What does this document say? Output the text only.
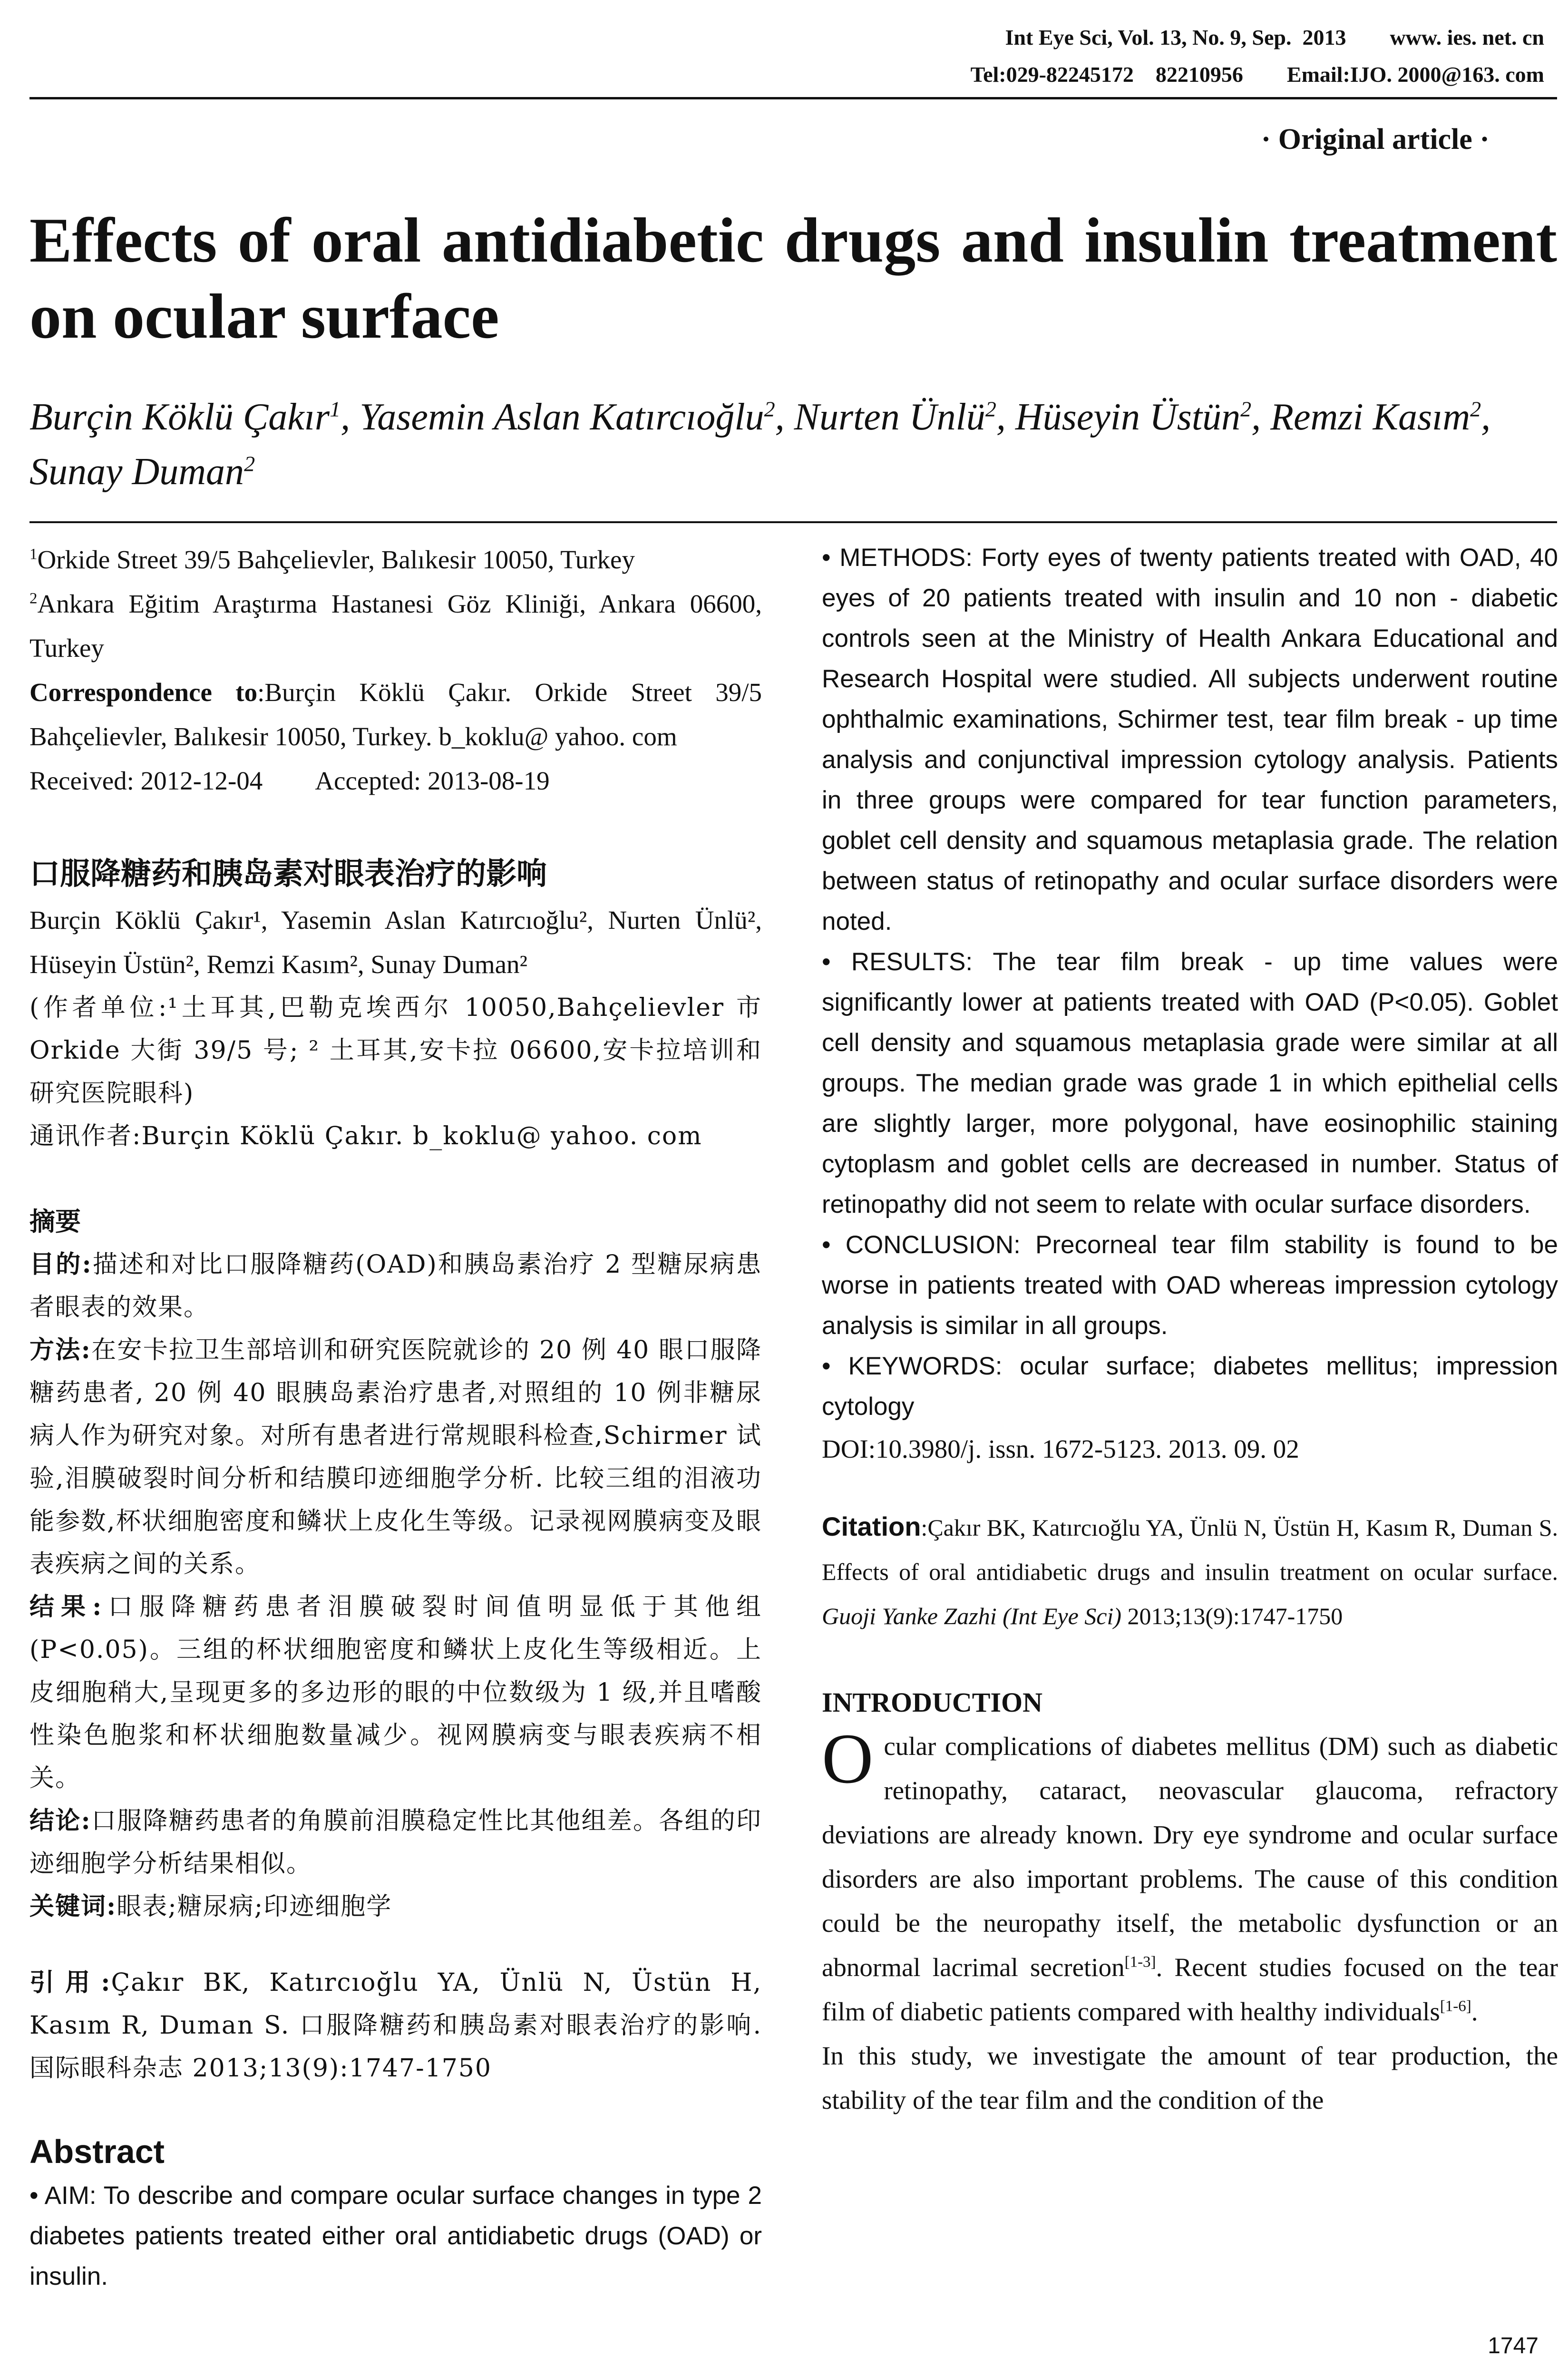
Int Eye Sci, Vol. 13, No. 9, Sep.  2013        www. ies. net. cn
Tel:029-82245172    82210956        Email:IJO. 2000@163. com
· Original article ·
Effects of oral antidiabetic drugs and insulin treatment on ocular surface
Burçin Köklü Çakır$^1$, Yasemin Aslan Katırcıoğlu$^2$, Nurten Ünlü$^2$, Hüseyin Üstün$^2$, Remzi Kasım$^2$, Sunay Duman$^2$

$^1$Orkide Street 39/5 Bahçelievler, Balıkesir 10050, Turkey

$^2$Ankara Eğitim Araştırma Hastanesi Göz Kliniği, Ankara 06600, Turkey

Correspondence to:Burçin Köklü Çakır. Orkide Street 39/5 Bahçelievler, Balıkesir 10050, Turkey. b_koklu@ yahoo. com

Received: 2012-12-04 Accepted: 2013-08-19

口服降糖药和胰岛素对眼表治疗的影响

Burçin Köklü Çakır¹, Yasemin Aslan Katırcıoğlu², Nurten Ünlü², Hüseyin Üstün², Remzi Kasım², Sunay Duman²

(作者单位:¹土耳其,巴勒克埃西尔 10050,Bahçelievler 市 Orkide 大街 39/5 号; ² 土耳其,安卡拉 06600,安卡拉培训和研究医院眼科)

通讯作者:Burçin Köklü Çakır. b_koklu@ yahoo. com

摘要

目的:描述和对比口服降糖药(OAD)和胰岛素治疗 2 型糖尿病患者眼表的效果。

方法:在安卡拉卫生部培训和研究医院就诊的 20 例 40 眼口服降糖药患者, 20 例 40 眼胰岛素治疗患者,对照组的 10 例非糖尿病人作为研究对象。对所有患者进行常规眼科检查,Schirmer 试验,泪膜破裂时间分析和结膜印迹细胞学分析. 比较三组的泪液功能参数,杯状细胞密度和鳞状上皮化生等级。记录视网膜病变及眼表疾病之间的关系。

结果:口服降糖药患者泪膜破裂时间值明显低于其他组(P<0.05)。三组的杯状细胞密度和鳞状上皮化生等级相近。上皮细胞稍大,呈现更多的多边形的眼的中位数级为 1 级,并且嗜酸性染色胞浆和杯状细胞数量减少。视网膜病变与眼表疾病不相关。

结论:口服降糖药患者的角膜前泪膜稳定性比其他组差。各组的印迹细胞学分析结果相似。

关键词:眼表;糖尿病;印迹细胞学

引用:Çakır BK, Katırcıoğlu YA, Ünlü N, Üstün H, Kasım R, Duman S. 口服降糖药和胰岛素对眼表治疗的影响. 国际眼科杂志 2013;13(9):1747-1750

Abstract

• AIM: To describe and compare ocular surface changes in type 2 diabetes patients treated either oral antidiabetic drugs (OAD) or insulin.

• METHODS: Forty eyes of twenty patients treated with OAD, 40 eyes of 20 patients treated with insulin and 10 non - diabetic controls seen at the Ministry of Health Ankara Educational and Research Hospital were studied. All subjects underwent routine ophthalmic examinations, Schirmer test, tear film break - up time analysis and conjunctival impression cytology analysis. Patients in three groups were compared for tear function parameters, goblet cell density and squamous metaplasia grade. The relation between status of retinopathy and ocular surface disorders were noted.

• RESULTS: The tear film break - up time values were significantly lower at patients treated with OAD (P<0.05). Goblet cell density and squamous metaplasia grade were similar at all groups. The median grade was grade 1 in which epithelial cells are slightly larger, more polygonal, have eosinophilic staining cytoplasm and goblet cells are decreased in number. Status of retinopathy did not seem to relate with ocular surface disorders.

• CONCLUSION: Precorneal tear film stability is found to be worse in patients treated with OAD whereas impression cytology analysis is similar in all groups.

• KEYWORDS: ocular surface; diabetes mellitus; impression cytology

DOI:10.3980/j. issn. 1672-5123. 2013. 09. 02

Citation:Çakır BK, Katırcıoğlu YA, Ünlü N, Üstün H, Kasım R, Duman S. Effects of oral antidiabetic drugs and insulin treatment on ocular surface. Guoji Yanke Zazhi (Int Eye Sci) 2013;13(9):1747-1750

INTRODUCTION

Ocular complications of diabetes mellitus (DM) such as diabetic retinopathy, cataract, neovascular glaucoma, refractory deviations are already known. Dry eye syndrome and ocular surface disorders are also important problems. The cause of this condition could be the neuropathy itself, the metabolic dysfunction or an abnormal lacrimal secretion[1-3]. Recent studies focused on the tear film of diabetic patients compared with healthy individuals[1-6].

In this study, we investigate the amount of tear production, the stability of the tear film and the condition of the

1747
